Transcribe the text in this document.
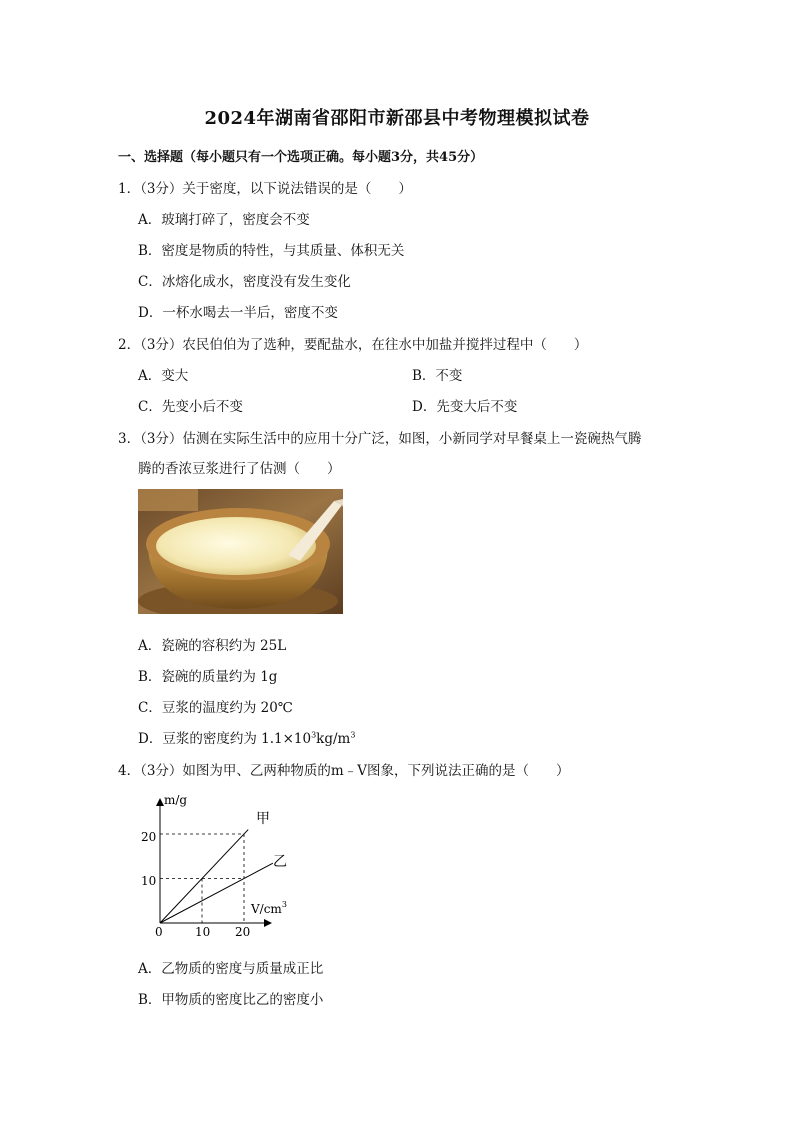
2024年湖南省邵阳市新邵县中考物理模拟试卷
一、选择题（每小题只有一个选项正确。每小题3分，共45分）
1．（3分）关于密度，以下说法错误的是（　　）
A．玻璃打碎了，密度会不变
B．密度是物质的特性，与其质量、体积无关
C．冰熔化成水，密度没有发生变化
D．一杯水喝去一半后，密度不变
2．（3分）农民伯伯为了选种，要配盐水，在往水中加盐并搅拌过程中（　　）
A．变大	B．不变
C．先变小后不变	D．先变大后不变
3．（3分）估测在实际生活中的应用十分广泛，如图，小新同学对早餐桌上一瓷碗热气腾
腾的香浓豆浆进行了估测（　　）
A．瓷碗的容积约为 25L
B．瓷碗的质量约为 1g
C．豆浆的温度约为 20℃
D．豆浆的密度约为 $1.1\times 10^3kg/m^3$
4．（3分）如图为甲、乙两种物质的m﹣V图象，下列说法正确的是（　　）
m/g
$V/cm^3$
0	10 20
20
10
甲
乙
A．乙物质的密度与质量成正比
B．甲物质的密度比乙的密度小
